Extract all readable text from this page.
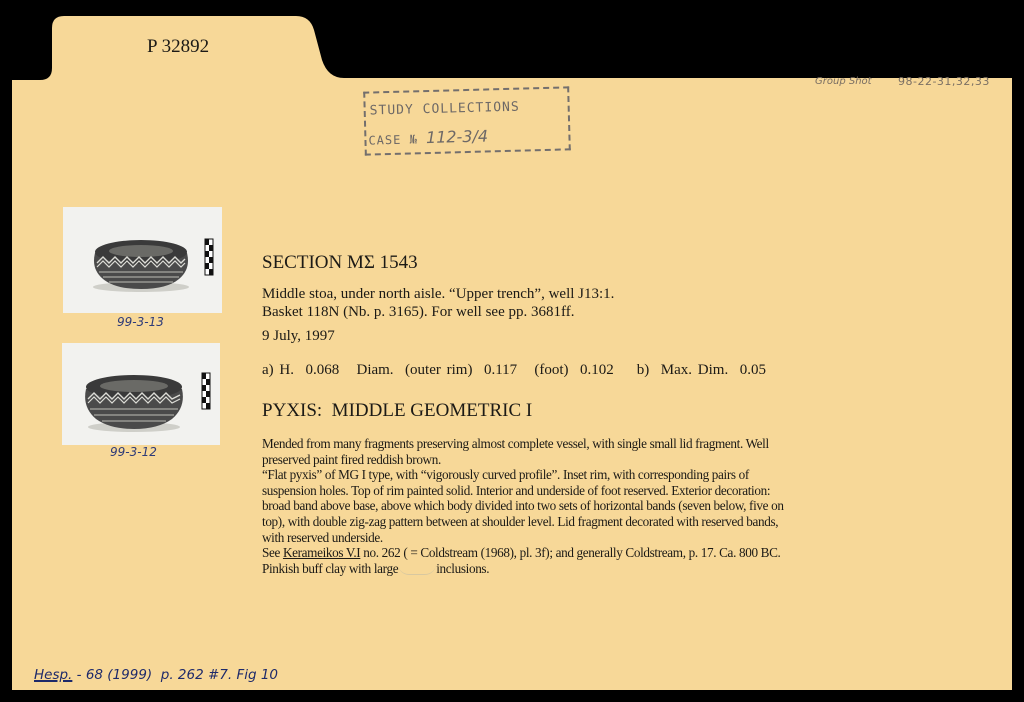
P 32892
Group Shot 98-22-31,32,33
STUDY COLLECTIONS
CASE № 112-3/4
99-3-13
99-3-12
SECTION ΜΣ 1543
Middle stoa, under north aisle. “Upper trench”, well J13:1.
Basket 118N (Nb. p. 3165). For well see pp. 3681ff.
9 July, 1997
a) H.  0.068   Diam.  (outer rim)  0.117   (foot)  0.102    b)  Max. Dim.  0.05
PYXIS:  MIDDLE GEOMETRIC I
Mended from many fragments preserving almost complete vessel, with single small lid fragment. Well
preserved paint fired reddish brown.
“Flat pyxis” of MG I type, with “vigorously curved profile”. Inset rim, with corresponding pairs of
suspension holes. Top of rim painted solid. Interior and underside of foot reserved. Exterior decoration:
broad band above base, above which body divided into two sets of horizontal bands (seven below, five on
top), with double zig-zag pattern between at shoulder level. Lid fragment decorated with reserved bands,
with reserved underside.
See Kerameikos V.I no. 262 ( = Coldstream (1968), pl. 3f); and generally Coldstream, p. 17. Ca. 800 BC.
Pinkish buff clay with large	inclusions.
Hesp. - 68 (1999)  p. 262 #7. Fig 10
